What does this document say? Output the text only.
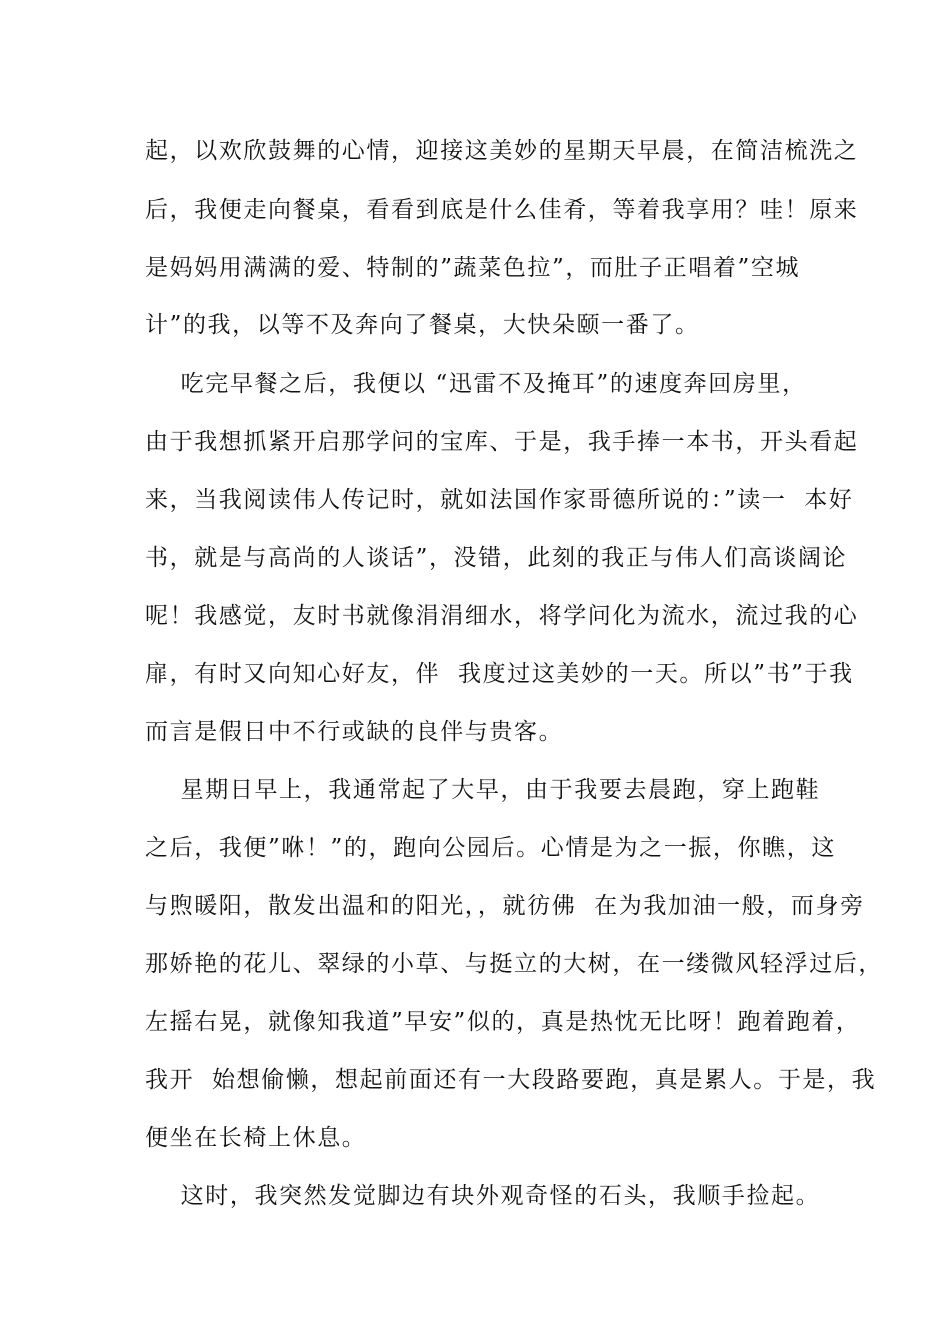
起，以欢欣鼓舞的心情，迎接这美妙的星期天早晨，在简洁梳洗之
后，我便走向餐桌，看看到底是什么佳肴，等着我享用？哇！原来
是妈妈用满满的爱、特制的”蔬菜色拉”，而肚子正唱着”空城
计”的我，以等不及奔向了餐桌，大快朵颐一番了。
吃完早餐之后，我便以 “迅雷不及掩耳”的速度奔回房里，
由于我想抓紧开启那学问的宝库、于是，我手捧一本书，开头看起
来，当我阅读伟人传记时，就如法国作家哥德所说的：”读一  本好
书，就是与高尚的人谈话”，没错，此刻的我正与伟人们高谈阔论
呢！我感觉，友时书就像涓涓细水，将学问化为流水，流过我的心
扉，有时又向知心好友，伴  我度过这美妙的一天。所以”书”于我
而言是假日中不行或缺的良伴与贵客。
星期日早上，我通常起了大早，由于我要去晨跑，穿上跑鞋
之后，我便”咻！”的，跑向公园后。心情是为之一振，你瞧，这
与煦暖阳，散发出温和的阳光，，就彷佛  在为我加油一般，而身旁
那娇艳的花儿、翠绿的小草、与挺立的大树，在一缕微风轻浮过后，
左摇右晃，就像知我道”早安”似的，真是热忱无比呀！跑着跑着，
我开  始想偷懒，想起前面还有一大段路要跑，真是累人。于是，我
便坐在长椅上休息。
这时，我突然发觉脚边有块外观奇怪的石头，我顺手捡起。
